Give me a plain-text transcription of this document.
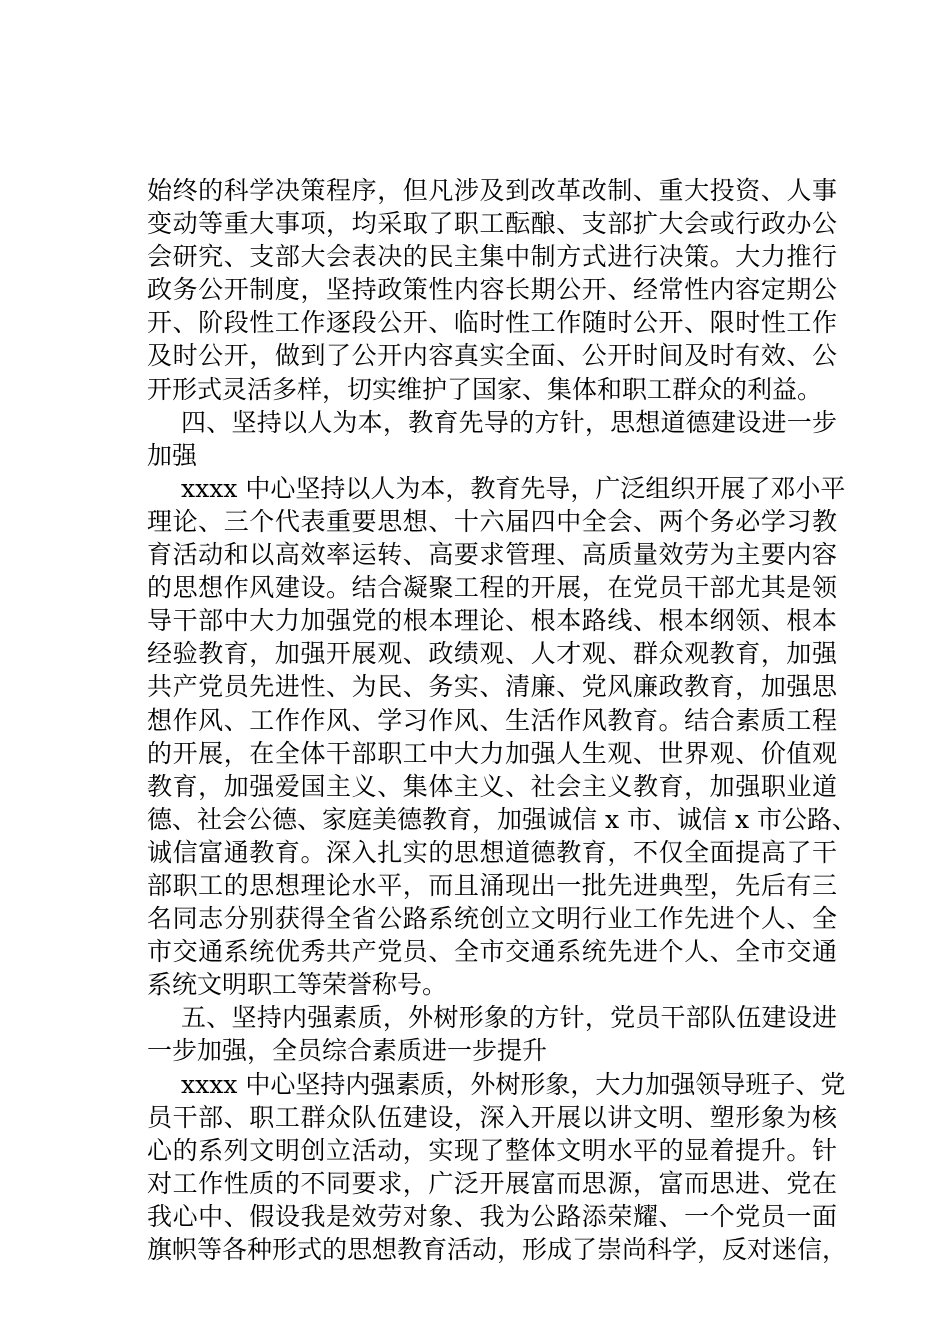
始终的科学决策程序，但凡涉及到改革改制、重大投资、人事
变动等重大事项，均采取了职工酝酿、支部扩大会或行政办公
会研究、支部大会表决的民主集中制方式进行决策。大力推行
政务公开制度，坚持政策性内容长期公开、经常性内容定期公
开、阶段性工作逐段公开、临时性工作随时公开、限时性工作
及时公开，做到了公开内容真实全面、公开时间及时有效、公
开形式灵活多样，切实维护了国家、集体和职工群众的利益。
四、坚持以人为本，教育先导的方针，思想道德建设进一步
加强
xxxx 中心坚持以人为本，教育先导，广泛组织开展了邓小平
理论、三个代表重要思想、十六届四中全会、两个务必学习教
育活动和以高效率运转、高要求管理、高质量效劳为主要内容
的思想作风建设。结合凝聚工程的开展，在党员干部尤其是领
导干部中大力加强党的根本理论、根本路线、根本纲领、根本
经验教育，加强开展观、政绩观、人才观、群众观教育，加强
共产党员先进性、为民、务实、清廉、党风廉政教育，加强思
想作风、工作作风、学习作风、生活作风教育。结合素质工程
的开展，在全体干部职工中大力加强人生观、世界观、价值观
教育，加强爱国主义、集体主义、社会主义教育，加强职业道
德、社会公德、家庭美德教育，加强诚信 x 市、诚信 x 市公路、
诚信富通教育。深入扎实的思想道德教育，不仅全面提高了干
部职工的思想理论水平，而且涌现出一批先进典型，先后有三
名同志分别获得全省公路系统创立文明行业工作先进个人、全
市交通系统优秀共产党员、全市交通系统先进个人、全市交通
系统文明职工等荣誉称号。
五、坚持内强素质，外树形象的方针，党员干部队伍建设进
一步加强，全员综合素质进一步提升
xxxx 中心坚持内强素质，外树形象，大力加强领导班子、党
员干部、职工群众队伍建设，深入开展以讲文明、塑形象为核
心的系列文明创立活动，实现了整体文明水平的显着提升。针
对工作性质的不同要求，广泛开展富而思源，富而思进、党在
我心中、假设我是效劳对象、我为公路添荣耀、一个党员一面
旗帜等各种形式的思想教育活动，形成了崇尚科学，反对迷信，
